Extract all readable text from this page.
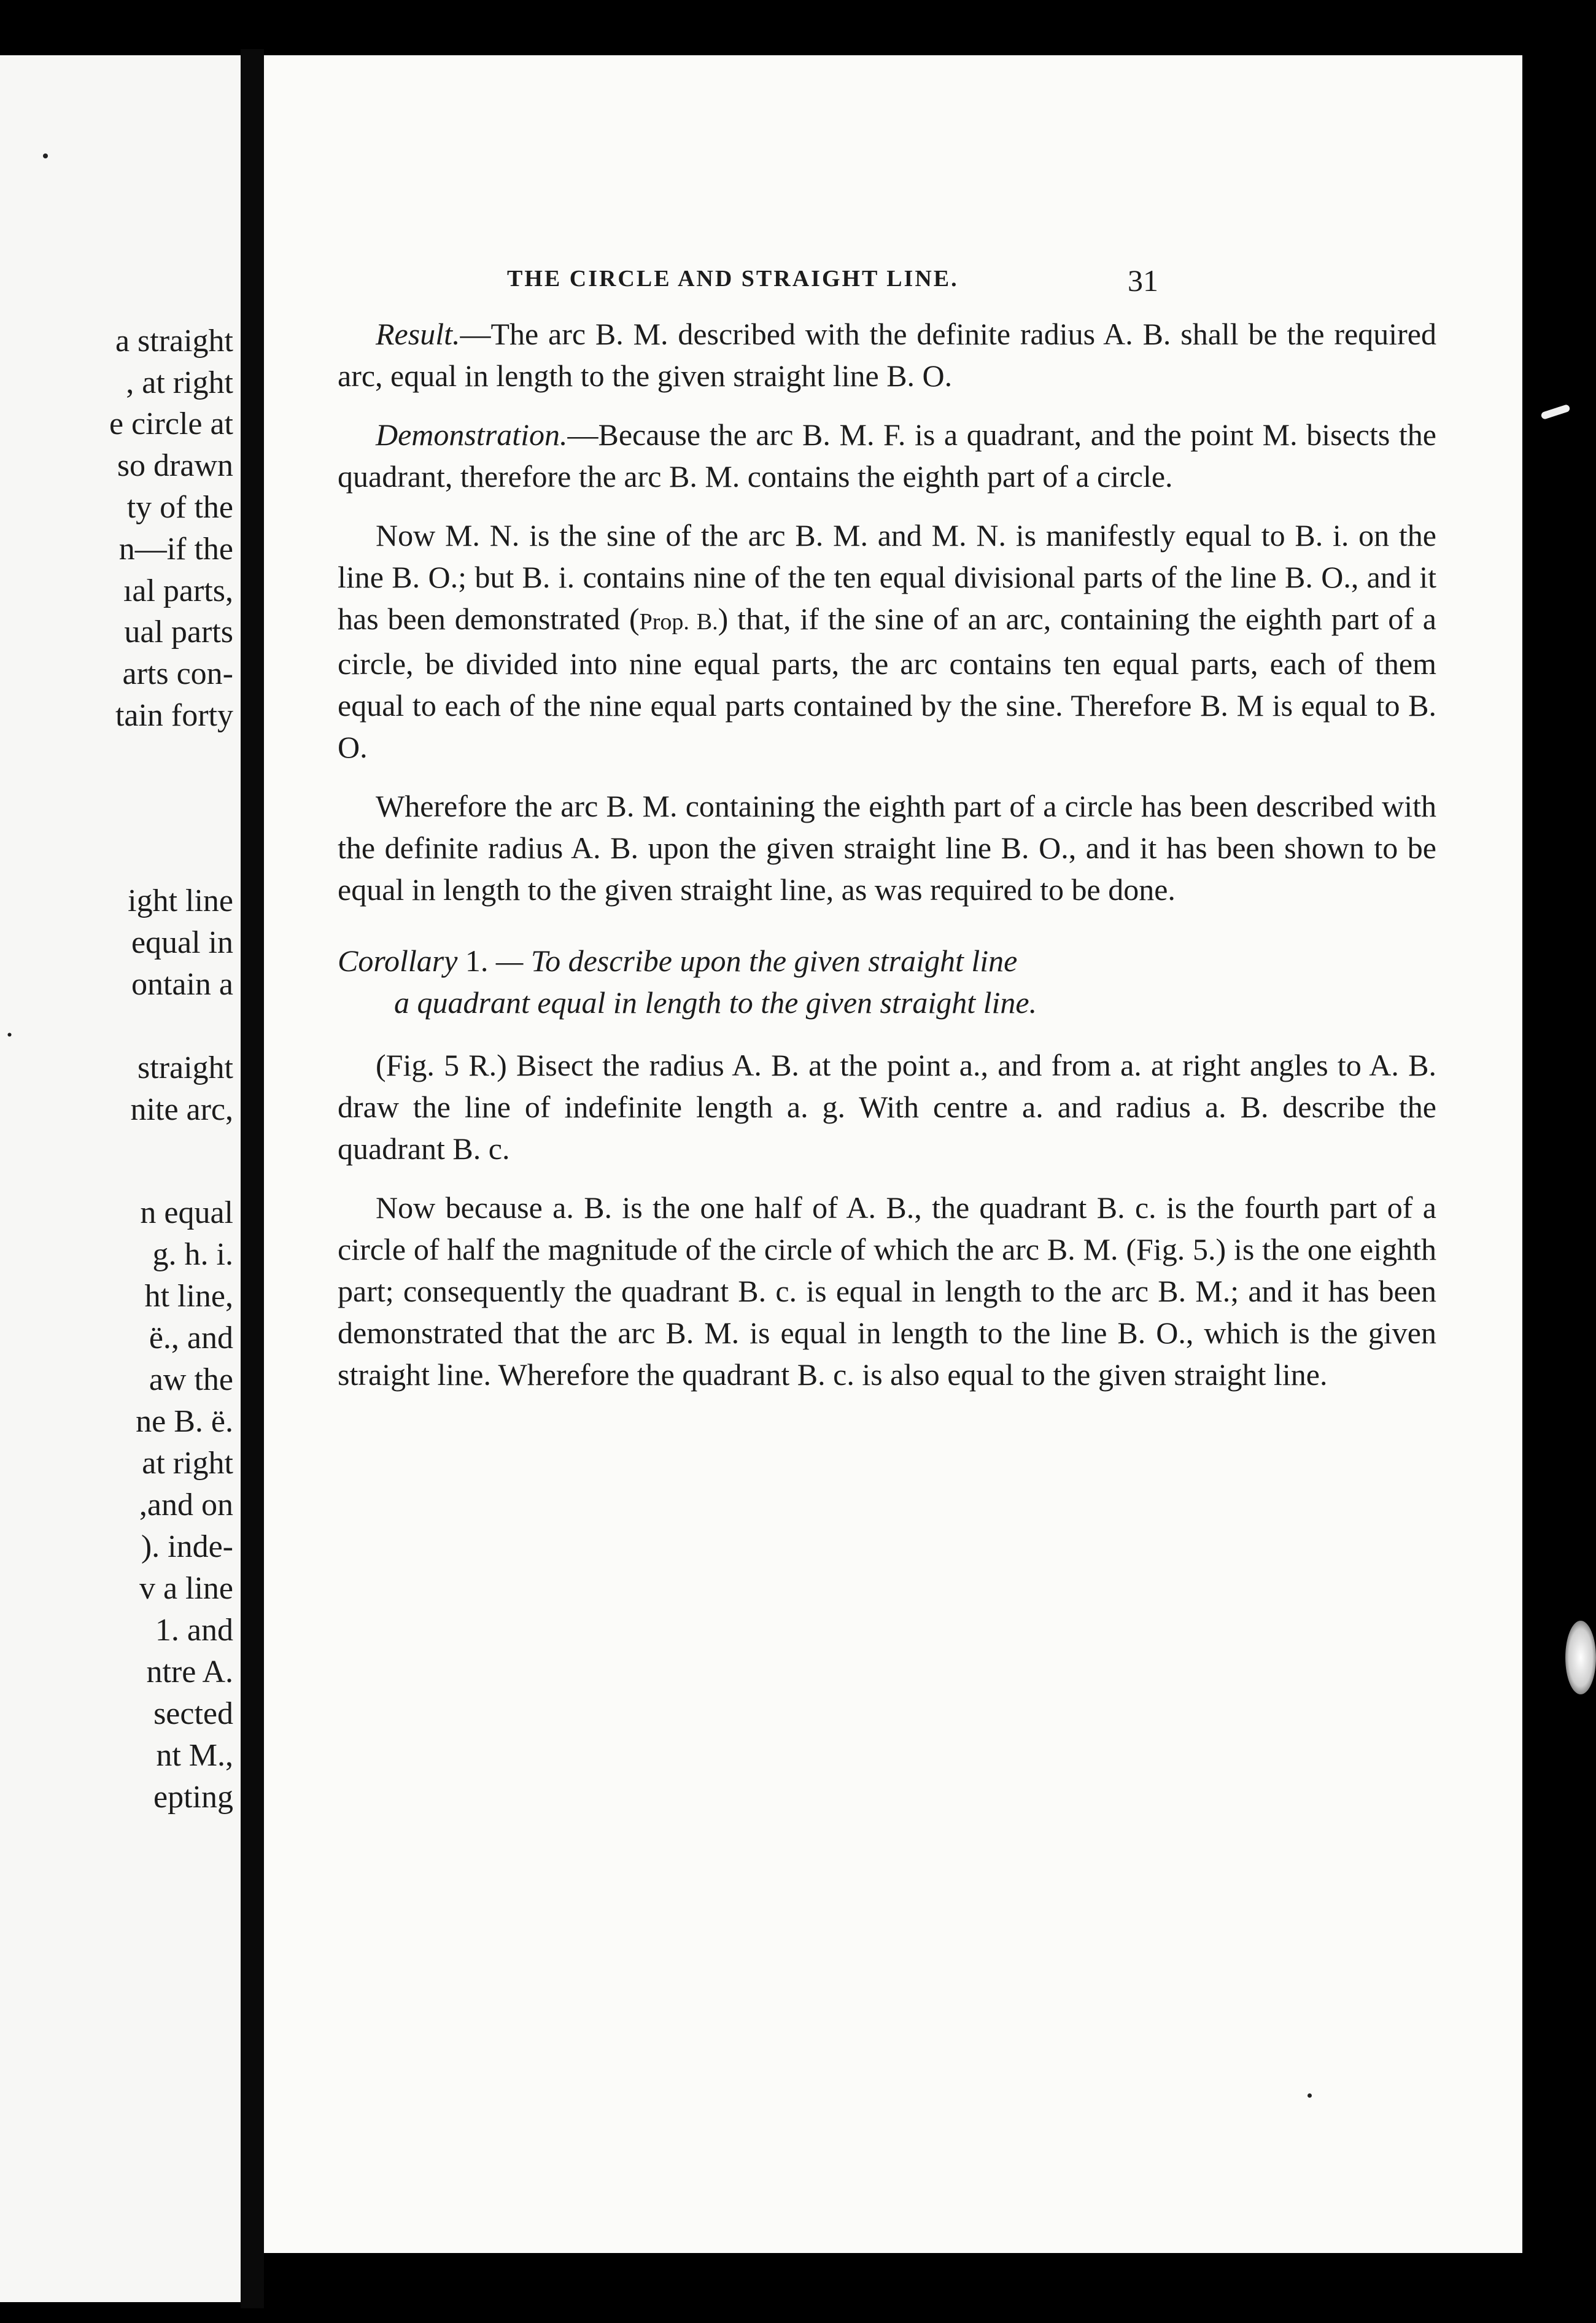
a straight
, at right
e circle at
so drawn
ty of the
n—if the
ıal parts,
ual parts
arts con-
tain forty
ight line
equal in
ontain a
.
straight
nite arc,
n equal
g. h. i.
ht line,
ë., and
aw the
ne B. ë.
at right
,and on
). inde-
v a line
1. and
ntre A.
sected
nt M.,
epting
THE CIRCLE AND STRAIGHT LINE.	31

Result.—The arc B. M. described with the definite radius A. B. shall be the required arc, equal in length to the given straight line B. O.

Demonstration.—Because the arc B. M. F. is a quadrant, and the point M. bisects the quadrant, therefore the arc B. M. contains the eighth part of a circle.

Now M. N. is the sine of the arc B. M. and M. N. is manifestly equal to B. i. on the line B. O.; but B. i. contains nine of the ten equal divisional parts of the line B. O., and it has been demonstrated (Prop. B.) that, if the sine of an arc, containing the eighth part of a circle, be divided into nine equal parts, the arc contains ten equal parts, each of them equal to each of the nine equal parts contained by the sine. Therefore B. M is equal to B. O.

Wherefore the arc B. M. containing the eighth part of a circle has been described with the definite radius A. B. upon the given straight line B. O., and it has been shown to be equal in length to the given straight line, as was required to be done.

Corollary 1. — To describe upon the given straight line
a quadrant equal in length to the given straight line.

(Fig. 5 R.) Bisect the radius A. B. at the point a., and from a. at right angles to A. B. draw the line of indefinite length a. g. With centre a. and radius a. B. describe the quadrant B. c.

Now because a. B. is the one half of A. B., the quadrant B. c. is the fourth part of a circle of half the magnitude of the circle of which the arc B. M. (Fig. 5.) is the one eighth part; consequently the quadrant B. c. is equal in length to the arc B. M.; and it has been demonstrated that the arc B. M. is equal in length to the line B. O., which is the given straight line. Wherefore the quadrant B. c. is also equal to the given straight line.
